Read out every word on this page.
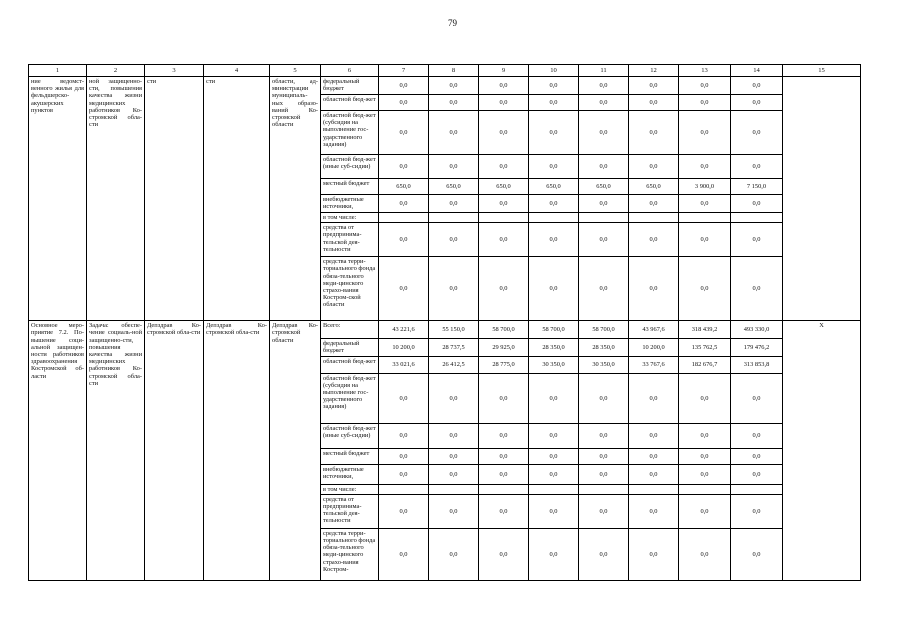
79
1	2	3	4	5	6	7	8	9	10	11	12	13	14	15
ние ведомст-венного жилья для фельдшерско-акушерских пунктов	ной защищенно-сти, повышения качества жизни медицинских работников Ко-стромской обла-сти	сти	сти	области, ад-министрации муниципаль-ных образо-ваний Ко-стромской области	федеральный бюджет	0,0	0,0	0,0	0,0	0,0	0,0	0,0	0,0	
					областной бюд-жет	0,0	0,0	0,0	0,0	0,0	0,0	0,0	0,0	
					областной бюд-жет (субсидия на выполнение гос-ударственного задания)	0,0	0,0	0,0	0,0	0,0	0,0	0,0	0,0	
					областной бюд-жет (иные суб-сидии)	0,0	0,0	0,0	0,0	0,0	0,0	0,0	0,0	
					местный бюджет	650,0	650,0	650,0	650,0	650,0	650,0	3 900,0	7 150,0	
					внебюджетные источники,	0,0	0,0	0,0	0,0	0,0	0,0	0,0	0,0	
					в том числе:									
					средства от предпринима-тельской дея-тельности	0,0	0,0	0,0	0,0	0,0	0,0	0,0	0,0	
					средства терри-ториального фонда обяза-тельного меди-цинского страхо-вания Костром-ской области	0,0	0,0	0,0	0,0	0,0	0,0	0,0	0,0	
Основное меро-приятие 7.2. По-вышение соци-альной защищен-ности работников здравоохранения Костромской об-ласти	Задача: обеспе-чение социаль-ной защищенно-сти, повышения качества жизни медицинских работников Ко-стромской обла-сти	Депздрав Ко-стромской обла-сти	Депздрав Ко-стромской обла-сти	Депздрав Ко-стромской области	Всего:	43 221,6	55 150,0	58 700,0	58 700,0	58 700,0	43 967,6	318 439,2	493 330,0	X
					федеральный бюджет	10 200,0	28 737,5	29 925,0	28 350,0	28 350,0	10 200,0	135 762,5	179 476,2	
					областной бюд-жет	33 021,6	26 412,5	28 775,0	30 350,0	30 350,0	33 767,6	182 676,7	313 853,8	
					областной бюд-жет (субсидия на выполнение гос-ударственного задания)	0,0	0,0	0,0	0,0	0,0	0,0	0,0	0,0	
					областной бюд-жет (иные суб-сидии)	0,0	0,0	0,0	0,0	0,0	0,0	0,0	0,0	
					местный бюджет	0,0	0,0	0,0	0,0	0,0	0,0	0,0	0,0	
					внебюджетные источники,	0,0	0,0	0,0	0,0	0,0	0,0	0,0	0,0	
					в том числе:									
					средства от предпринима-тельской дея-тельности	0,0	0,0	0,0	0,0	0,0	0,0	0,0	0,0	
					средства терри-ториального фонда обяза-тельного меди-цинского страхо-вания Костром-	0,0	0,0	0,0	0,0	0,0	0,0	0,0	0,0	
